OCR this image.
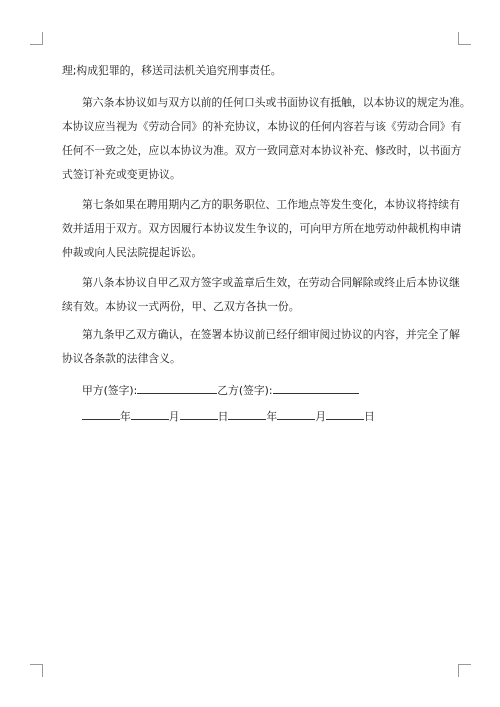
理;构成犯罪的，移送司法机关追究刑事责任。
第六条本协议如与双方以前的任何口头或书面协议有抵触，以本协议的规定为准。
本协议应当视为《劳动合同》的补充协议，本协议的任何内容若与该《劳动合同》有
任何不一致之处，应以本协议为准。双方一致同意对本协议补充、修改时，以书面方
式签订补充或变更协议。
第七条如果在聘用期内乙方的职务职位、工作地点等发生变化，本协议将持续有
效并适用于双方。双方因履行本协议发生争议的，可向甲方所在地劳动仲裁机构申请
仲裁或向人民法院提起诉讼。
第八条本协议自甲乙双方签字或盖章后生效，在劳动合同解除或终止后本协议继
续有效。本协议一式两份，甲、乙双方各执一份。
第九条甲乙双方确认，在签署本协议前已经仔细审阅过协议的内容，并完全了解
协议各条款的法律含义。
甲方(签字):	乙方(签字):
年	月	日	年	月	日
